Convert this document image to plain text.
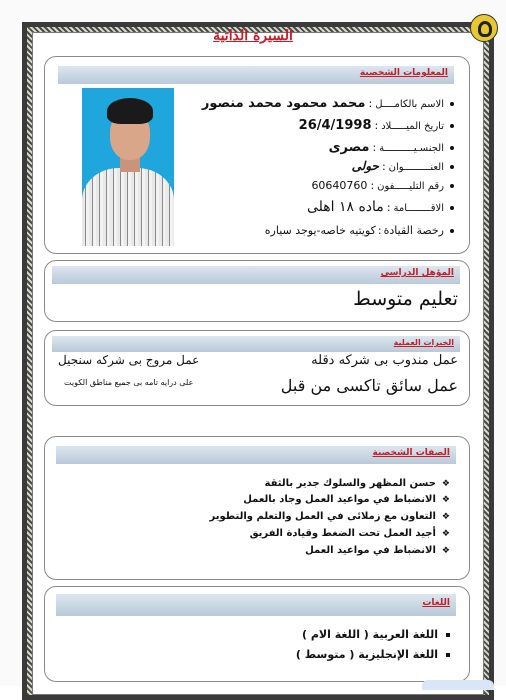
السيرة الذاتية
المعلومات الشخصية
الاسم بالكامــــل:محمد محمود محمد منصور
تاريخ الميـــــلاد:26/4/1998
الجنسـيــــــــــة:مصرى
العنـــــــــوان:حولى
رقم التليـــــفون:60640760
الاقــــــــامة:ماده ١٨ اهلى
رخصة القيادة:كويتيه خاصه-يوجد سياره
المؤهل الدراسي
تعليم متوسط
الخبرات العملية
عمل مندوب بى شركه دقله
عمل سائق تاكسى من قبل
عمل مروج بى شركه سنجيل
على درايه تامه بى جميع مناطق الكويت
الصفات الشخصية
❖حسن المظهر والسلوك جدير بالثقة
❖الانضباط في مواعيد العمل وجاد بالعمل
❖التعاون مع زملائى في العمل والتعلم والتطوير
❖أجيد العمل تحت الضغط وقيادة الفريق
❖الانضباط في مواعيد العمل
اللغات
اللغة العربية ( اللغة الام )
اللغة الإنجليزية ( متوسط )
